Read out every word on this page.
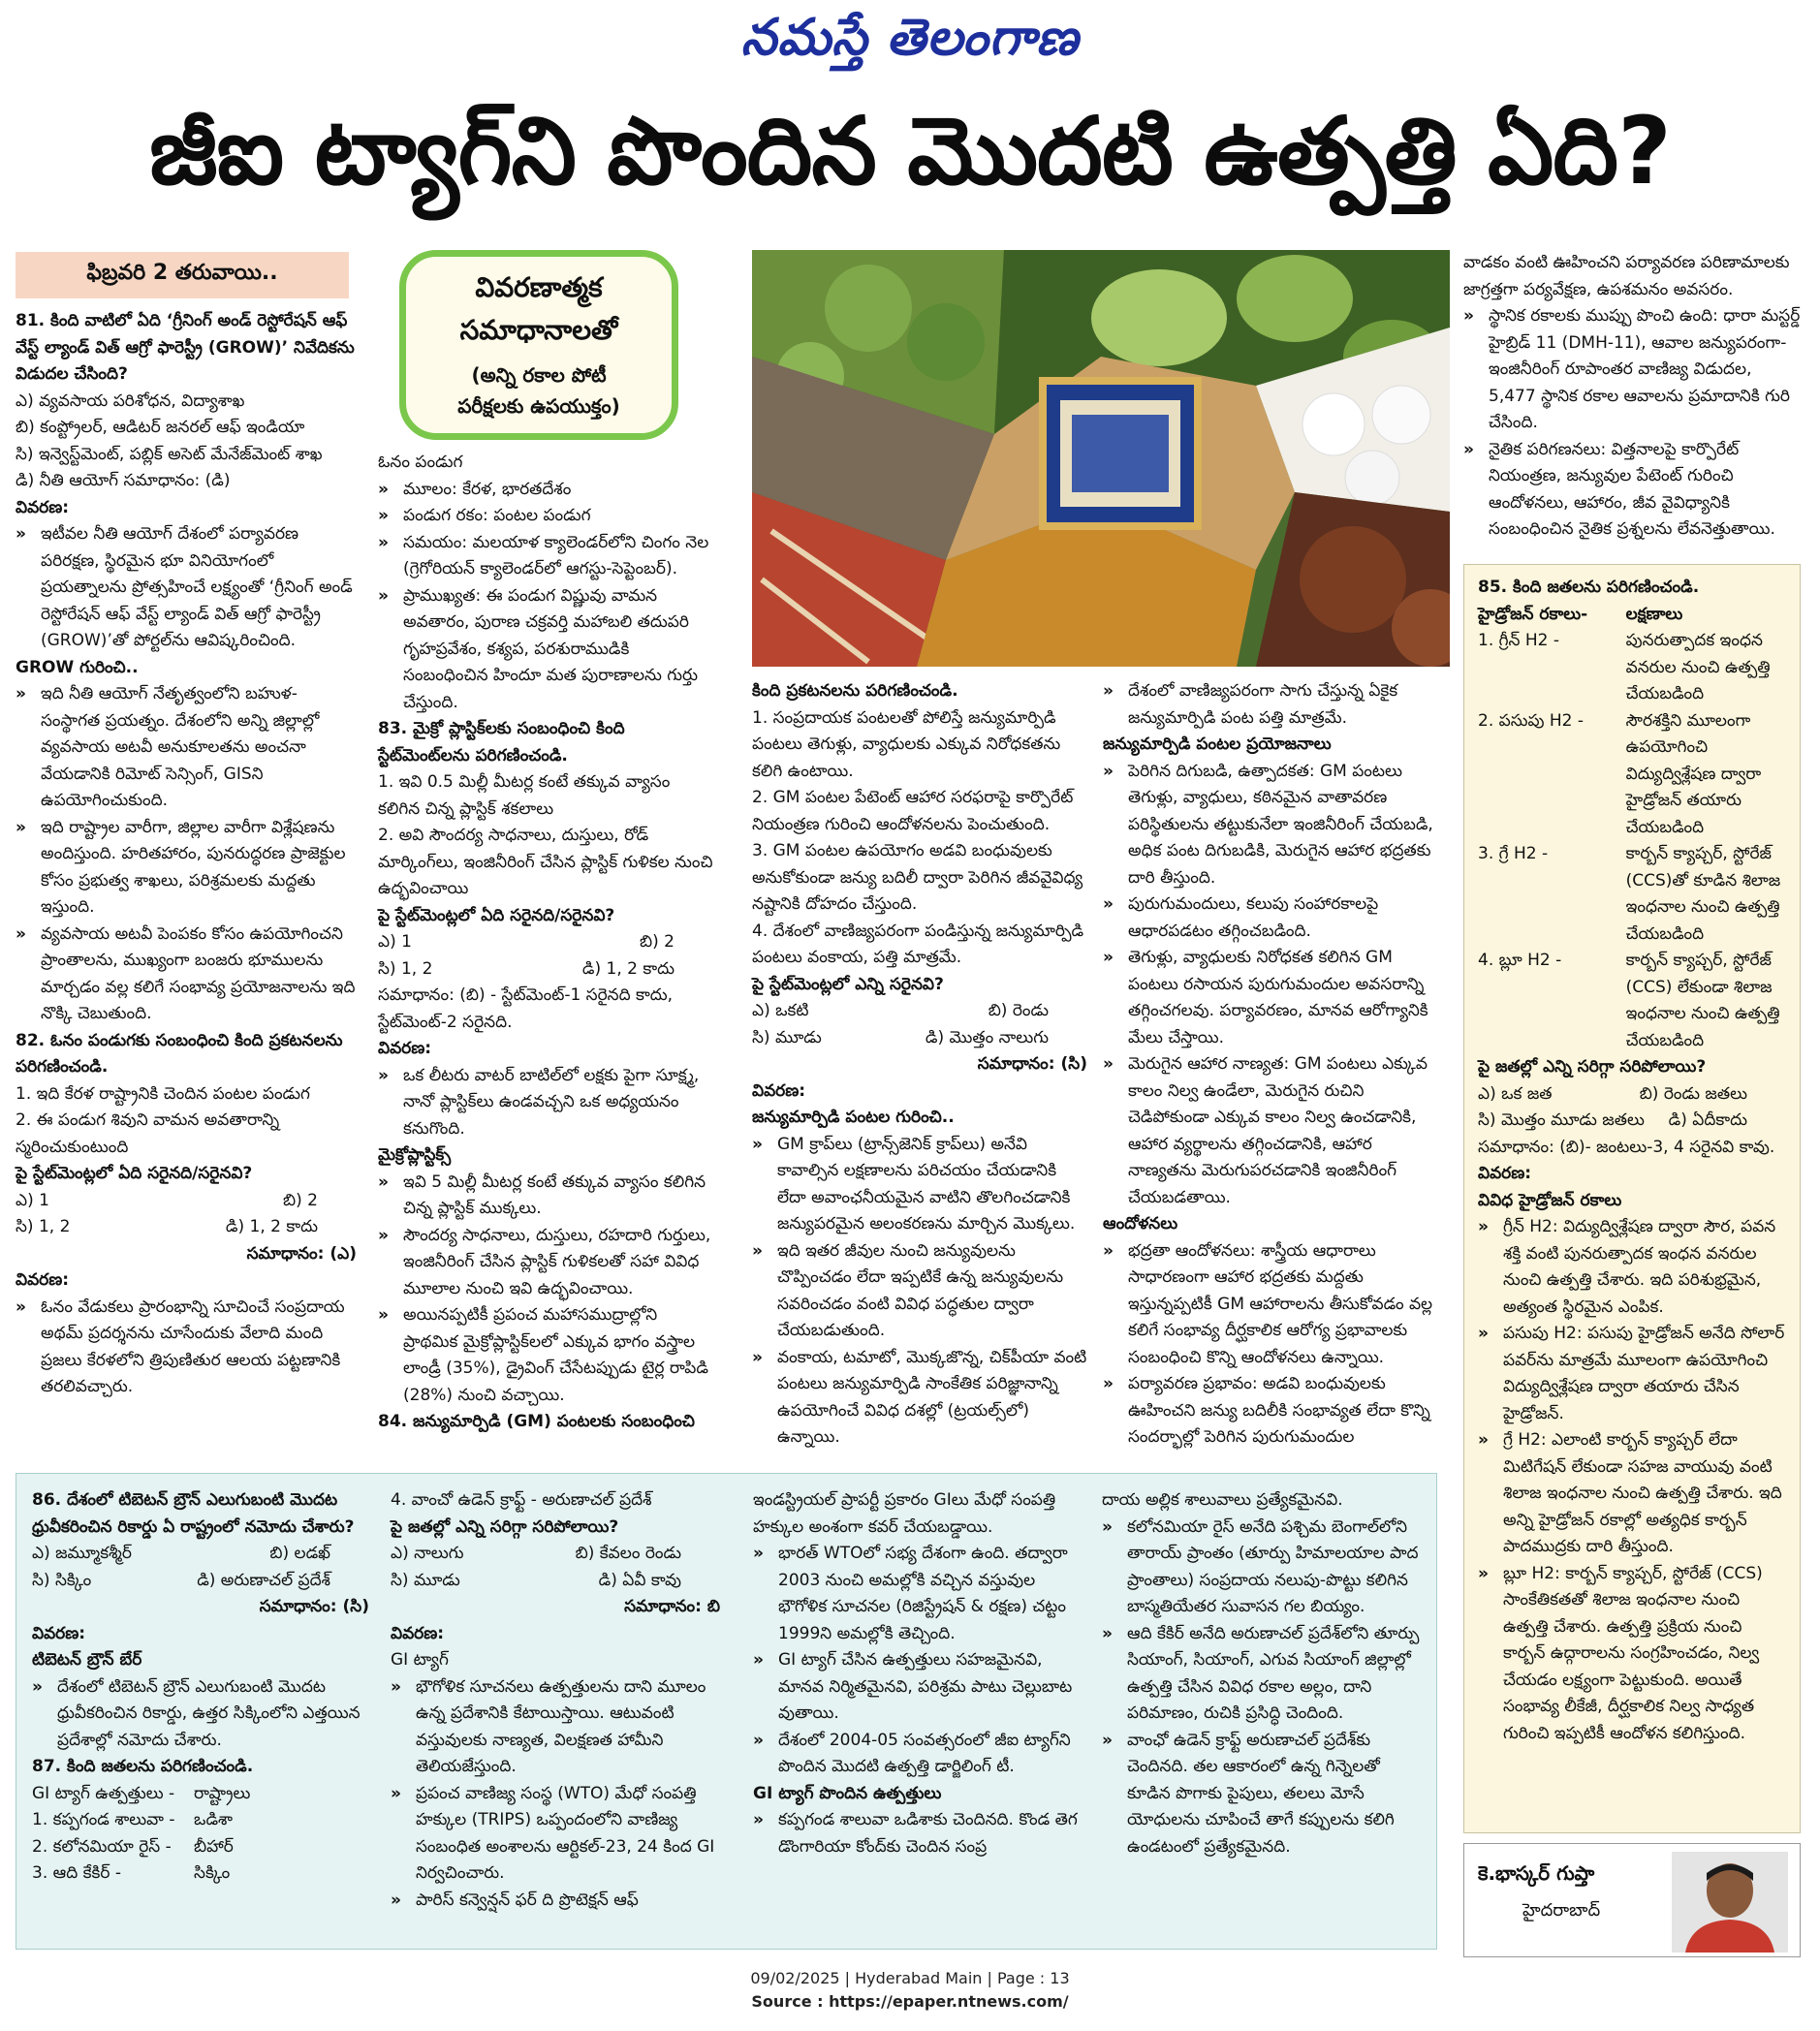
నమస్తే తెలంగాణ
జీఐ ట్యాగ్‌ని పొందిన మొదటి ఉత్పత్తి ఏది?
ఫిబ్రవరి 2 తరువాయి..	వివరణాత్మక
సమాధానాలతో
(అన్ని రకాల పోటీ
పరీక్షలకు ఉపయుక్తం)

81. కింది వాటిలో ఏది ‘గ్రీనింగ్ అండ్ రెస్టోరేషన్ ఆఫ్ వేస్ట్ ల్యాండ్ విత్ ఆగ్రో ఫారెస్ట్రీ (GROW)’ నివేదికను విడుదల చేసింది?

ఎ) వ్యవసాయ పరిశోధన, విద్యాశాఖ

బి) కంప్ట్రోలర్, ఆడిటర్ జనరల్ ఆఫ్ ఇండియా

సి) ఇన్వెస్ట్‌మెంట్, పబ్లిక్ అసెట్ మేనేజ్‌మెంట్ శాఖ

డి) నీతి ఆయోగ్ సమాధానం: (డి)

వివరణ:

» ఇటీవల నీతి ఆయోగ్ దేశంలో పర్యావరణ పరిరక్షణ, స్థిరమైన భూ వినియోగంలో ప్రయత్నాలను ప్రోత్సహించే లక్ష్యంతో ‘గ్రీనింగ్ అండ్ రెస్టోరేషన్ ఆఫ్ వేస్ట్ ల్యాండ్ విత్ ఆగ్రో ఫారెస్ట్రీ (GROW)’తో పోర్టల్‌ను ఆవిష్కరించింది.

GROW గురించి..

» ఇది నీతి ఆయోగ్ నేతృత్వంలోని బహుళ-సంస్థాగత ప్రయత్నం. దేశంలోని అన్ని జిల్లాల్లో వ్యవసాయ అటవీ అనుకూలతను అంచనా వేయడానికి రిమోట్ సెన్సింగ్, GISని ఉపయోగించుకుంది.

» ఇది రాష్ట్రాల వారీగా, జిల్లాల వారీగా విశ్లేషణను అందిస్తుంది. హరితహారం, పునరుద్ధరణ ప్రాజెక్టుల కోసం ప్రభుత్వ శాఖలు, పరిశ్రమలకు మద్దతు ఇస్తుంది.

» వ్యవసాయ అటవీ పెంపకం కోసం ఉపయోగించని ప్రాంతాలను, ముఖ్యంగా బంజరు భూములను మార్చడం వల్ల కలిగే సంభావ్య ప్రయోజనాలను ఇది నొక్కి చెబుతుంది.

82. ఓనం పండుగకు సంబంధించి కింది ప్రకటనలను పరిగణించండి.

1. ఇది కేరళ రాష్ట్రానికి చెందిన పంటల పండుగ

2. ఈ పండుగ శివుని వామన అవతారాన్ని స్మరించుకుంటుంది

పై స్టేట్‌మెంట్లలో ఏది సరైనది/సరైనవి?

ఎ) 1	బి) 2
సి) 1, 2	డి) 1, 2 కాదు

సమాధానం: (ఎ)

వివరణ:

» ఓనం వేడుకలు ప్రారంభాన్ని సూచించే సంప్రదాయ అథమ్ ప్రదర్శనను చూసేందుకు వేలాది మంది ప్రజలు కేరళలోని త్రిపుణితుర ఆలయ పట్టణానికి తరలివచ్చారు.

ఓనం పండుగ

» మూలం: కేరళ, భారతదేశం

» పండుగ రకం: పంటల పండుగ

» సమయం: మలయాళ క్యాలెండర్‌లోని చింగం నెల (గ్రెగోరియన్ క్యాలెండర్‌లో ఆగస్టు-సెప్టెంబర్).

» ప్రాముఖ్యత: ఈ పండుగ విష్ణువు వామన అవతారం, పురాణ చక్రవర్తి మహాబలి తదుపరి గృహప్రవేశం, కశ్యప, పరశురాముడికి సంబంధించిన హిందూ మత పురాణాలను గుర్తు చేస్తుంది.

83. మైక్రో ప్లాస్టిక్‌లకు సంబంధించి కింది స్టేట్‌మెంట్‌లను పరిగణించండి.

1. ఇవి 0.5 మిల్లీ మీటర్ల కంటే తక్కువ వ్యాసం కలిగిన చిన్న ప్లాస్టిక్ శకలాలు

2. అవి సౌందర్య సాధనాలు, దుస్తులు, రోడ్ మార్కింగ్‌లు, ఇంజినీరింగ్ చేసిన ప్లాస్టిక్ గుళికల నుంచి ఉద్భవించాయి

పై స్టేట్‌మెంట్లలో ఏది సరైనది/సరైనవి?

ఎ) 1	బి) 2
సి) 1, 2	డి) 1, 2 కాదు

సమాధానం: (బి) - స్టేట్‌మెంట్-1 సరైనది కాదు, స్టేట్‌మెంట్-2 సరైనది.

వివరణ:

» ఒక లీటరు వాటర్ బాటిల్‌లో లక్షకు పైగా సూక్ష్మ, నానో ప్లాస్టిక్‌లు ఉండవచ్చని ఒక అధ్యయనం కనుగొంది.

మైక్రోప్లాస్టిక్స్

» ఇవి 5 మిల్లీ మీటర్ల కంటే తక్కువ వ్యాసం కలిగిన చిన్న ప్లాస్టిక్ ముక్కలు.

» సౌందర్య సాధనాలు, దుస్తులు, రహదారి గుర్తులు, ఇంజినీరింగ్ చేసిన ప్లాస్టిక్ గుళికలతో సహా వివిధ మూలాల నుంచి ఇవి ఉద్భవించాయి.

» అయినప్పటికీ ప్రపంచ మహాసముద్రాల్లోని ప్రాథమిక మైక్రోప్లాస్టిక్‌లలో ఎక్కువ భాగం వస్త్రాల లాండ్రీ (35%), డ్రైవింగ్ చేసేటప్పుడు టైర్ల రాపిడి (28%) నుంచి వచ్చాయి.

84. జన్యుమార్పిడి (GM) పంటలకు సంబంధించి

కింది ప్రకటనలను పరిగణించండి.

1. సంప్రదాయక పంటలతో పోలిస్తే జన్యుమార్పిడి పంటలు తెగుళ్లు, వ్యాధులకు ఎక్కువ నిరోధకతను కలిగి ఉంటాయి.

2. GM పంటల పేటెంట్ ఆహార సరఫరాపై కార్పొరేట్ నియంత్రణ గురించి ఆందోళనలను పెంచుతుంది.

3. GM పంటల ఉపయోగం అడవి బంధువులకు అనుకోకుండా జన్యు బదిలీ ద్వారా పెరిగిన జీవవైవిధ్య నష్టానికి దోహదం చేస్తుంది.

4. దేశంలో వాణిజ్యపరంగా పండిస్తున్న జన్యుమార్పిడి పంటలు వంకాయ, పత్తి మాత్రమే.

పై స్టేట్‌మెంట్లలో ఎన్ని సరైనవి?

ఎ) ఒకటి	బి) రెండు
సి) మూడు	డి) మొత్తం నాలుగు

సమాధానం: (సి)

వివరణ:

జన్యుమార్పిడి పంటల గురించి..

» GM క్రాప్‌లు (ట్రాన్స్‌జెనిక్ క్రాప్‌లు) అనేవి కావాల్సిన లక్షణాలను పరిచయం చేయడానికి లేదా అవాంఛనీయమైన వాటిని తొలగించడానికి జన్యుపరమైన అలంకరణను మార్చిన మొక్కలు.

» ఇది ఇతర జీవుల నుంచి జన్యువులను చొప్పించడం లేదా ఇప్పటికే ఉన్న జన్యువులను సవరించడం వంటి వివిధ పద్ధతుల ద్వారా చేయబడుతుంది.

» వంకాయ, టమాటో, మొక్కజొన్న, చిక్‌పీయా వంటి పంటలు జన్యుమార్పిడి సాంకేతిక పరిజ్ఞానాన్ని ఉపయోగించే వివిధ దశల్లో (ట్రయల్స్‌లో) ఉన్నాయి.

» దేశంలో వాణిజ్యపరంగా సాగు చేస్తున్న ఏకైక జన్యుమార్పిడి పంట పత్తి మాత్రమే.

జన్యుమార్పిడి పంటల ప్రయోజనాలు

» పెరిగిన దిగుబడి, ఉత్పాదకత: GM పంటలు తెగుళ్లు, వ్యాధులు, కఠినమైన వాతావరణ పరిస్థితులను తట్టుకునేలా ఇంజినీరింగ్ చేయబడి, అధిక పంట దిగుబడికి, మెరుగైన ఆహార భద్రతకు దారి తీస్తుంది.

» పురుగుమందులు, కలుపు సంహారకాలపై ఆధారపడటం తగ్గించబడింది.

» తెగుళ్లు, వ్యాధులకు నిరోధకత కలిగిన GM పంటలు రసాయన పురుగుమందుల అవసరాన్ని తగ్గించగలవు. పర్యావరణం, మానవ ఆరోగ్యానికి మేలు చేస్తాయి.

» మెరుగైన ఆహార నాణ్యత: GM పంటలు ఎక్కువ కాలం నిల్వ ఉండేలా, మెరుగైన రుచిని చెడిపోకుండా ఎక్కువ కాలం నిల్వ ఉంచడానికి, ఆహార వ్యర్థాలను తగ్గించడానికి, ఆహార నాణ్యతను మెరుగుపరచడానికి ఇంజినీరింగ్ చేయబడతాయి.

ఆందోళనలు

» భద్రతా ఆందోళనలు: శాస్త్రీయ ఆధారాలు సాధారణంగా ఆహార భద్రతకు మద్దతు ఇస్తున్నప్పటికీ GM ఆహారాలను తీసుకోవడం వల్ల కలిగే సంభావ్య దీర్ఘకాలిక ఆరోగ్య ప్రభావాలకు సంబంధించి కొన్ని ఆందోళనలు ఉన్నాయి.

» పర్యావరణ ప్రభావం: అడవి బంధువులకు ఊహించని జన్యు బదిలీకి సంభావ్యత లేదా కొన్ని సందర్భాల్లో పెరిగిన పురుగుమందుల

వాడకం వంటి ఊహించని పర్యావరణ పరిణామాలకు జాగ్రత్తగా పర్యవేక్షణ, ఉపశమనం అవసరం.

» స్థానిక రకాలకు ముప్పు పొంచి ఉంది: ధారా మస్టర్డ్ హైబ్రిడ్ 11 (DMH-11), ఆవాల జన్యుపరంగా-ఇంజినీరింగ్ రూపాంతర వాణిజ్య విడుదల, 5,477 స్థానిక రకాల ఆవాలను ప్రమాదానికి గురి చేసింది.

» నైతిక పరిగణనలు: విత్తనాలపై కార్పొరేట్ నియంత్రణ, జన్యువుల పేటెంట్ గురించి ఆందోళనలు, ఆహారం, జీవ వైవిధ్యానికి సంబంధించిన నైతిక ప్రశ్నలను లేవనెత్తుతాయి.

85. కింది జతలను పరిగణించండి.

హైడ్రోజన్ రకాలు- లక్షణాలు
1. గ్రీన్ H2 -	పునరుత్పాదక ఇంధన వనరుల నుంచి ఉత్పత్తి చేయబడింది
2. పసుపు H2 -	సౌరశక్తిని మూలంగా ఉపయోగించి విద్యుద్విశ్లేషణ ద్వారా హైడ్రోజన్ తయారు చేయబడింది
3. గ్రే H2 -	కార్బన్ క్యాప్చర్, స్టోరేజ్ (CCS)తో కూడిన శిలాజ ఇంధనాల నుంచి ఉత్పత్తి చేయబడింది
4. బ్లూ H2 -	కార్బన్ క్యాప్చర్, స్టోరేజ్ (CCS) లేకుండా శిలాజ ఇంధనాల నుంచి ఉత్పత్తి చేయబడింది

పై జతల్లో ఎన్ని సరిగ్గా సరిపోలాయి?

ఎ) ఒక జత	బి) రెండు జతలు
సి) మొత్తం మూడు జతలు డి) ఏదీకాదు

సమాధానం: (బి)- జంటలు-3, 4 సరైనవి కావు.

వివరణ:

వివిధ హైడ్రోజన్ రకాలు

» గ్రీన్ H2: విద్యుద్విశ్లేషణ ద్వారా సౌర, పవన శక్తి వంటి పునరుత్పాదక ఇంధన వనరుల నుంచి ఉత్పత్తి చేశారు. ఇది పరిశుభ్రమైన, అత్యంత స్థిరమైన ఎంపిక.

» పసుపు H2: పసుపు హైడ్రోజన్ అనేది సోలార్ పవర్‌ను మాత్రమే మూలంగా ఉపయోగించి విద్యుద్విశ్లేషణ ద్వారా తయారు చేసిన హైడ్రోజన్.

» గ్రే H2: ఎలాంటి కార్బన్ క్యాప్చర్ లేదా మిటిగేషన్ లేకుండా సహజ వాయువు వంటి శిలాజ ఇంధనాల నుంచి ఉత్పత్తి చేశారు. ఇది అన్ని హైడ్రోజన్ రకాల్లో అత్యధిక కార్బన్ పాదముద్రకు దారి తీస్తుంది.

» బ్లూ H2: కార్బన్ క్యాప్చర్, స్టోరేజ్ (CCS) సాంకేతికతతో శిలాజ ఇంధనాల నుంచి ఉత్పత్తి చేశారు. ఉత్పత్తి ప్రక్రియ నుంచి కార్బన్ ఉద్గారాలను సంగ్రహించడం, నిల్వ చేయడం లక్ష్యంగా పెట్టుకుంది. అయితే సంభావ్య లీకేజీ, దీర్ఘకాలిక నిల్వ సాధ్యత గురించి ఇప్పటికీ ఆందోళన కలిగిస్తుంది.

86. దేశంలో టిబెటన్ బ్రౌన్ ఎలుగుబంటి మొదట ధ్రువీకరించిన రికార్డు ఏ రాష్ట్రంలో నమోదు చేశారు?

ఎ) జమ్మూకశ్మీర్	బి) లడఖ్
సి) సిక్కిం	డి) అరుణాచల్ ప్రదేశ్

సమాధానం: (సి)

వివరణ:

టిబెటన్ బ్రౌన్ బేర్

» దేశంలో టిబెటన్ బ్రౌన్ ఎలుగుబంటి మొదట ధ్రువీకరించిన రికార్డు, ఉత్తర సిక్కింలోని ఎత్తయిన ప్రదేశాల్లో నమోదు చేశారు.

87. కింది జతలను పరిగణించండి.

GI ట్యాగ్ ఉత్పత్తులు - రాష్ట్రాలు
1. కప్పగండ శాలువా - ఒడిశా
2. కలోనమియా రైస్ - బీహార్
3. ఆది కేకిర్ -	సిక్కిం

4. వాంచో ఉడెన్ క్రాఫ్ట్ - అరుణాచల్ ప్రదేశ్

పై జతల్లో ఎన్ని సరిగ్గా సరిపోలాయి?

ఎ) నాలుగు	బి) కేవలం రెండు
సి) మూడు	డి) ఏవీ కావు

సమాధానం: బి

వివరణ:

GI ట్యాగ్

» భౌగోళిక సూచనలు ఉత్పత్తులను దాని మూలం ఉన్న ప్రదేశానికి కేటాయిస్తాయి. ఆటువంటి వస్తువులకు నాణ్యత, విలక్షణత హామీని తెలియజేస్తుంది.

» ప్రపంచ వాణిజ్య సంస్థ (WTO) మేధో సంపత్తి హక్కుల (TRIPS) ఒప్పందంలోని వాణిజ్య సంబంధిత అంశాలను ఆర్టికల్-23, 24 కింద GI నిర్వచించారు.

» పారిస్ కన్వెన్షన్ ఫర్ ది ప్రొటెక్షన్ ఆఫ్

ఇండస్ట్రియల్ ప్రాపర్టీ ప్రకారం GIలు మేధో సంపత్తి హక్కుల అంశంగా కవర్ చేయబడ్డాయి.

» భారత్ WTOలో సభ్య దేశంగా ఉంది. తద్వారా 2003 నుంచి అమల్లోకి వచ్చిన వస్తువుల భౌగోళిక సూచనల (రిజిస్ట్రేషన్ & రక్షణ) చట్టం 1999ని అమల్లోకి తెచ్చింది.

» GI ట్యాగ్ చేసిన ఉత్పత్తులు సహజమైనవి, మానవ నిర్మితమైనవి, పరిశ్రమ పాటు చెల్లుబాట వుతాయి.

» దేశంలో 2004-05 సంవత్సరంలో జీఐ ట్యాగ్‌ని పొందిన మొదటి ఉత్పత్తి డార్జిలింగ్ టీ.

GI ట్యాగ్ పొందిన ఉత్పత్తులు

» కప్పగండ శాలువా ఒడిశాకు చెందినది. కొండ తెగ డొంగారియా కోంద్‌కు చెందిన సంప్ర

దాయ అల్లిక శాలువాలు ప్రత్యేకమైనవి.

» కలోనమియా రైస్ అనేది పశ్చిమ బెంగాల్‌లోని తారాయ్ ప్రాంతం (తూర్పు హిమాలయాల పాద ప్రాంతాలు) సంప్రదాయ నలుపు-పొట్టు కలిగిన బాస్మతియేతర సువాసన గల బియ్యం.

» ఆది కేకిర్ అనేది అరుణాచల్ ప్రదేశ్‌లోని తూర్పు సియాంగ్, సియాంగ్, ఎగువ సియాంగ్ జిల్లాల్లో ఉత్పత్తి చేసిన వివిధ రకాల అల్లం, దాని పరిమాణం, రుచికి ప్రసిద్ధి చెందింది.

» వాంఛో ఉడెన్ క్రాఫ్ట్ అరుణాచల్ ప్రదేశ్‌కు చెందినది. తల ఆకారంలో ఉన్న గిన్నెలతో కూడిన పొగాకు పైపులు, తలలు మోసే యోధులను చూపించే తాగే కప్పులను కలిగి ఉండటంలో ప్రత్యేకమైనది.

కె.భాస్కర్ గుప్తా
హైదరాబాద్
09/02/2025 | Hyderabad Main | Page : 13
Source : https://epaper.ntnews.com/
